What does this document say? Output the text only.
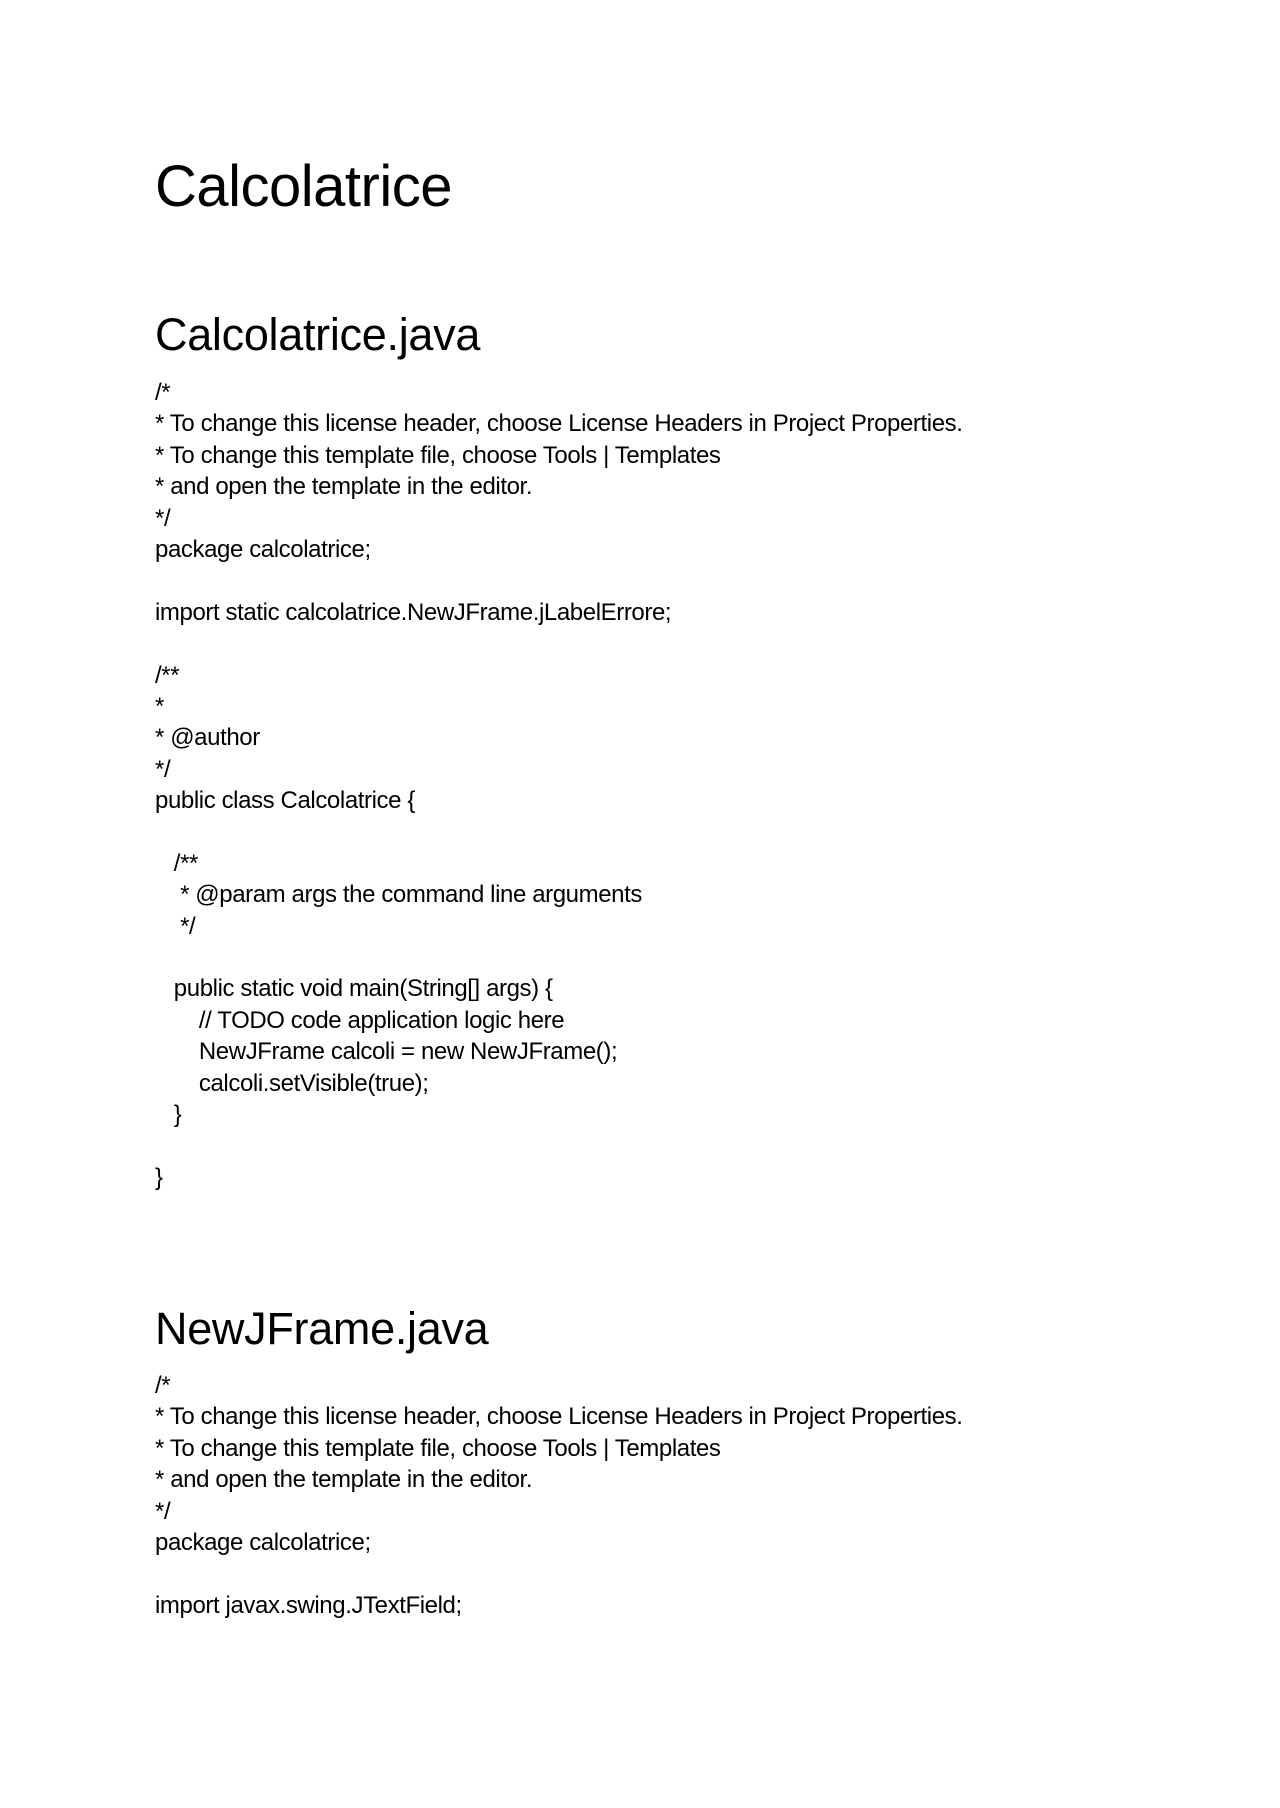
Calcolatrice
Calcolatrice.java
/*
* To change this license header, choose License Headers in Project Properties.
* To change this template file, choose Tools | Templates
* and open the template in the editor.
*/
package calcolatrice;
import static calcolatrice.NewJFrame.jLabelErrore;
/**
*
* @author
*/
public class Calcolatrice {
/**
* @param args the command line arguments
*/
public static void main(String[] args) {
// TODO code application logic here
NewJFrame calcoli = new NewJFrame();
calcoli.setVisible(true);
}
}
NewJFrame.java
/*
* To change this license header, choose License Headers in Project Properties.
* To change this template file, choose Tools | Templates
* and open the template in the editor.
*/
package calcolatrice;
import javax.swing.JTextField;
